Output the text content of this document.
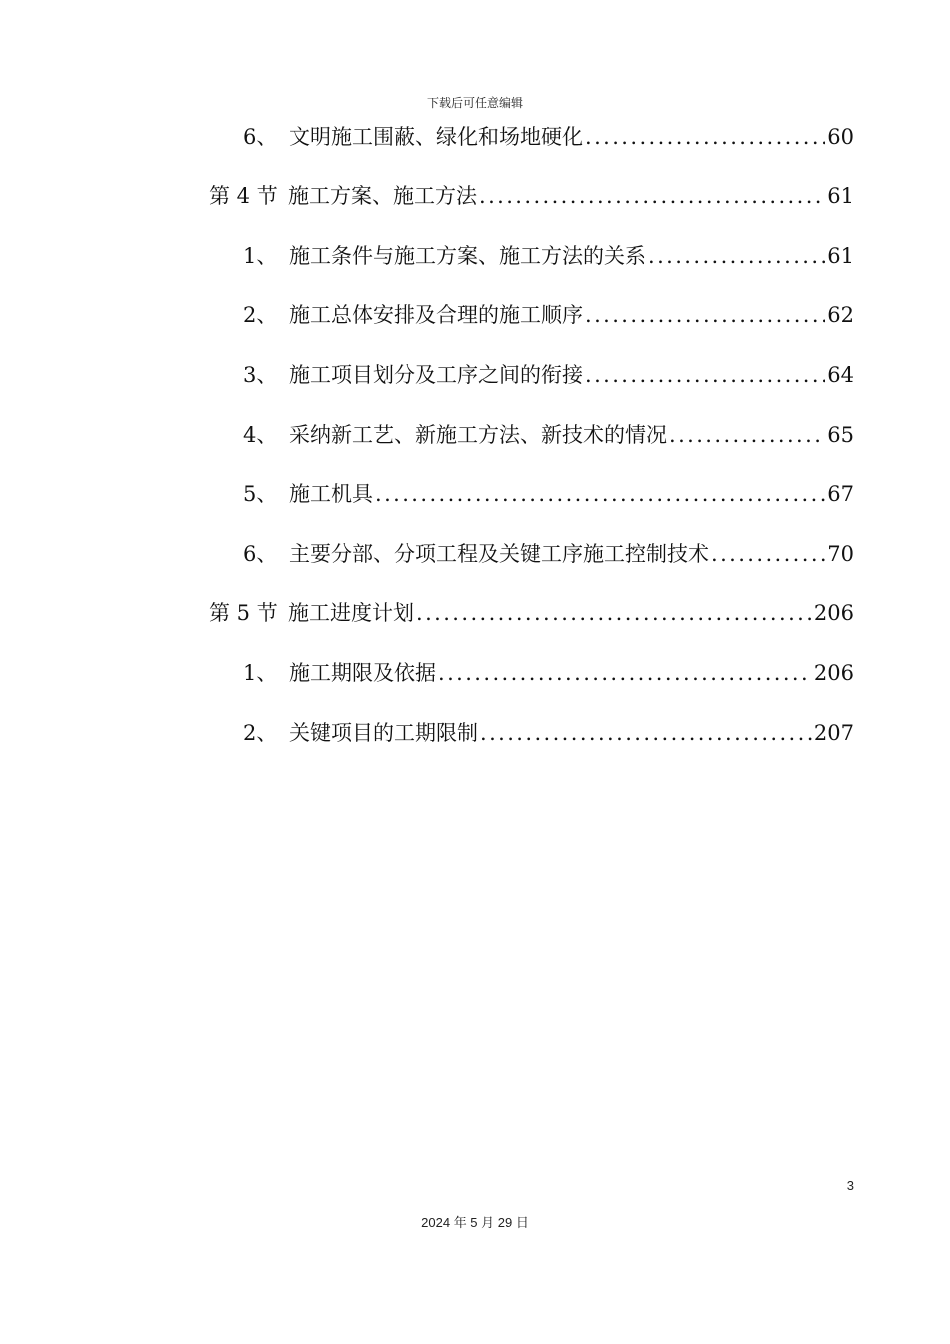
下载后可任意编辑
6、 文明施工围蔽、绿化和场地硬化 .....	60
第 4 节 施工方案、施工方法 .....	61
1、 施工条件与施工方案、施工方法的关系 .....	61
2、 施工总体安排及合理的施工顺序 .....	62
3、 施工项目划分及工序之间的衔接 .....	64
4、 采纳新工艺、新施工方法、新技术的情况 .....	65
5、 施工机具 .....	67
6、 主要分部、分项工程及关键工序施工控制技术 .....	70
第 5 节 施工进度计划 .....	206
1、 施工期限及依据 .....	206
2、 关键项目的工期限制 .....	207
3
2024 年 5 月 29 日
